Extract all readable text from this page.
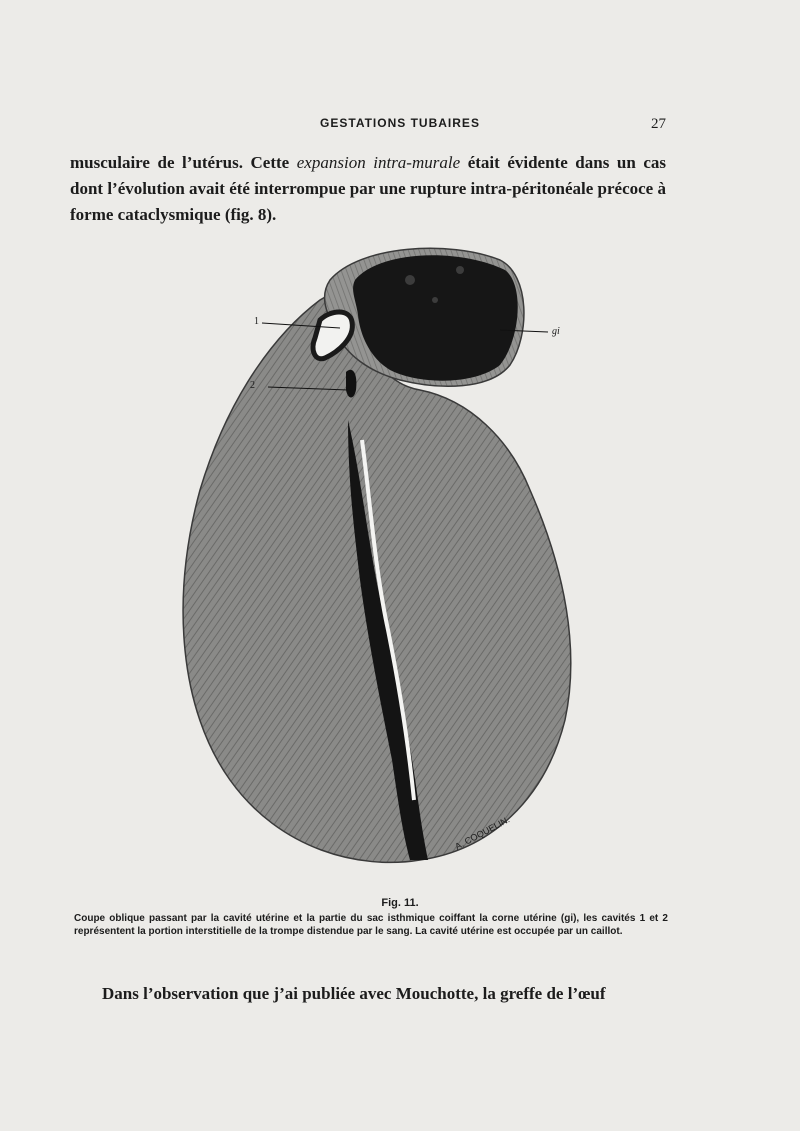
GESTATIONS TUBAIRES	27
musculaire de l’utérus. Cette expansion intra-murale était évidente dans un cas dont l’évolution avait été interrompue par une rupture intra-péritonéale précoce à forme cataclysmique (fig. 8).
1
2
gi
A. COQUELIN.
Fig. 11.
Coupe oblique passant par la cavité utérine et la partie du sac isthmique coiffant la corne utérine (gi), les cavités 1 et 2 représentent la portion interstitielle de la trompe distendue par le sang. La cavité utérine est occupée par un caillot.
Dans l’observation que j’ai publiée avec Mouchotte, la greffe de l’œuf
